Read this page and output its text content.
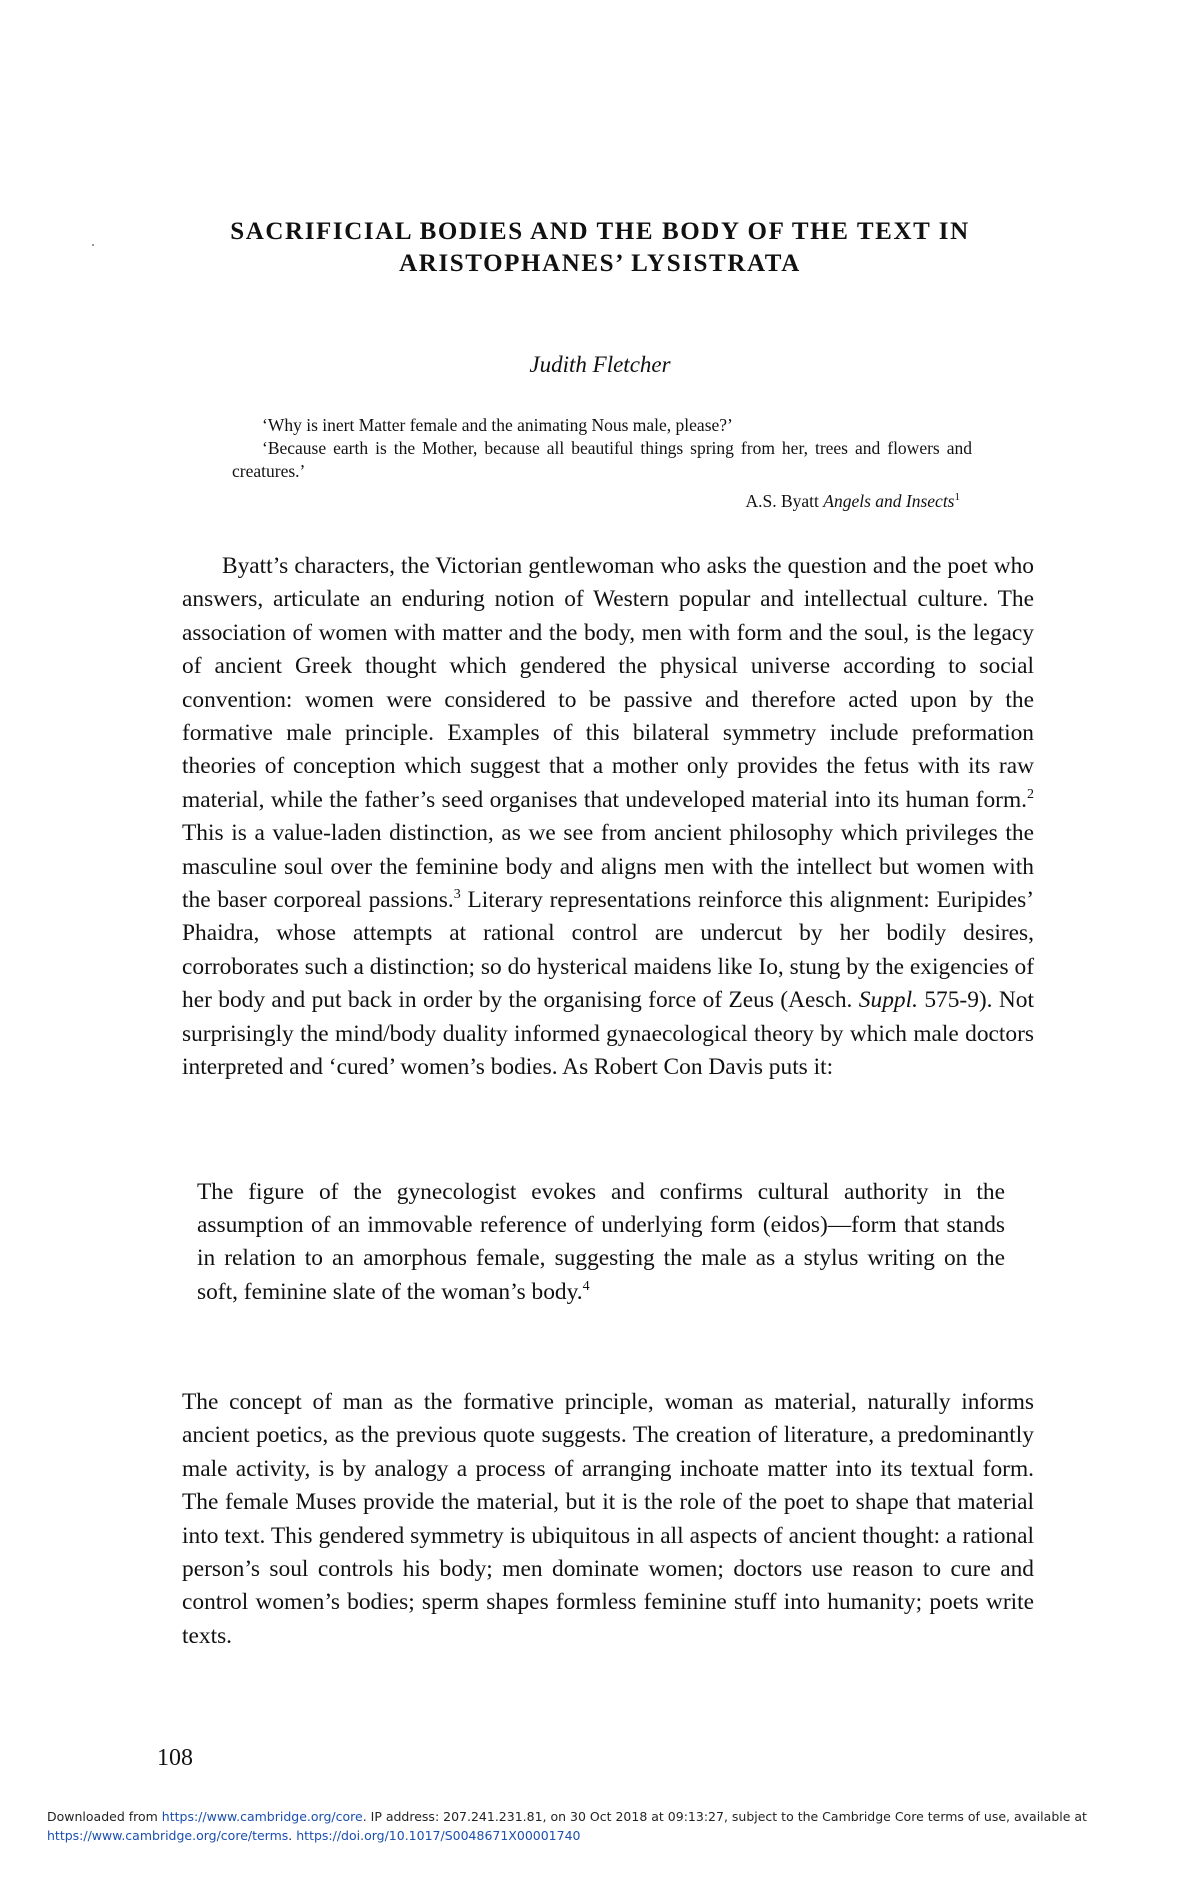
SACRIFICIAL BODIES AND THE BODY OF THE TEXT IN
ARISTOPHANES’ LYSISTRATA
Judith Fletcher

‘Why is inert Matter female and the animating Nous male, please?’

‘Because earth is the Mother, because all beautiful things spring from her, trees and flowers and creatures.’

A.S. Byatt Angels and Insects$^1$

Byatt’s characters, the Victorian gentlewoman who asks the question and the poet who answers, articulate an enduring notion of Western popular and intellectual culture. The association of women with matter and the body, men with form and the soul, is the legacy of ancient Greek thought which gendered the physical universe according to social convention: women were considered to be passive and therefore acted upon by the formative male principle. Examples of this bilateral symmetry include preformation theories of conception which suggest that a mother only provides the fetus with its raw material, while the father’s seed organises that undeveloped material into its human form.$^2$ This is a value-laden distinction, as we see from ancient philosophy which privileges the masculine soul over the feminine body and aligns men with the intellect but women with the baser corporeal passions.$^3$ Literary representations reinforce this alignment: Euripides’ Phaidra, whose attempts at rational control are undercut by her bodily desires, corroborates such a distinction; so do hysterical maidens like Io, stung by the exigencies of her body and put back in order by the organising force of Zeus (Aesch. Suppl. 575-9). Not surprisingly the mind/body duality informed gynaecological theory by which male doctors interpreted and ‘cured’ women’s bodies. As Robert Con Davis puts it:

The figure of the gynecologist evokes and confirms cultural authority in the assumption of an immovable reference of underlying form (eidos)—form that stands in relation to an amorphous female, suggesting the male as a stylus writing on the soft, feminine slate of the woman’s body.$^4$

The concept of man as the formative principle, woman as material, naturally informs ancient poetics, as the previous quote suggests. The creation of literature, a predominantly male activity, is by analogy a process of arranging inchoate matter into its textual form. The female Muses provide the material, but it is the role of the poet to shape that material into text. This gendered symmetry is ubiquitous in all aspects of ancient thought: a rational person’s soul controls his body; men dominate women; doctors use reason to cure and control women’s bodies; sperm shapes formless feminine stuff into humanity; poets write texts.

108
Downloaded from https://www.cambridge.org/core. IP address: 207.241.231.81, on 30 Oct 2018 at 09:13:27, subject to the Cambridge Core terms of use, available at https://www.cambridge.org/core/terms. https://doi.org/10.1017/S0048671X00001740
